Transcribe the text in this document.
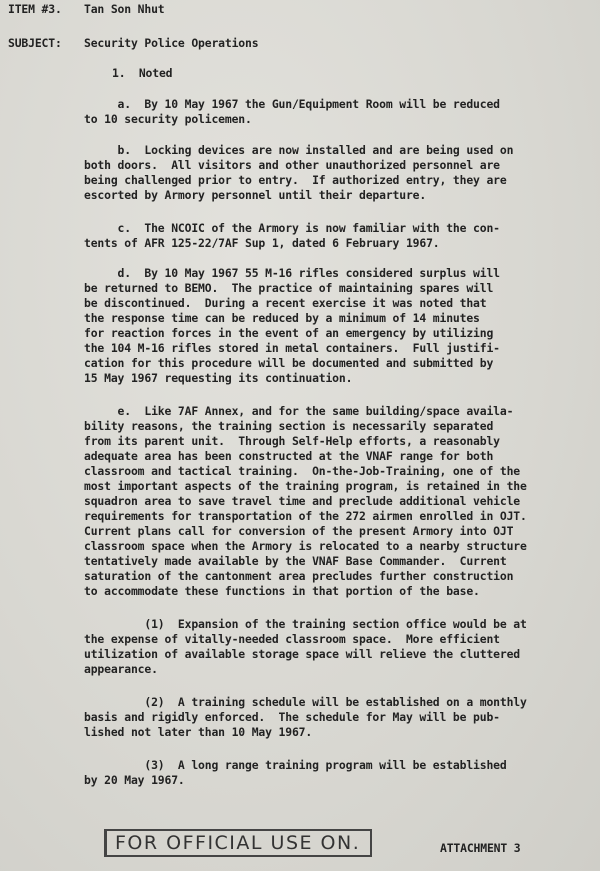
ITEM #3. Tan Son Nhut
SUBJECT: Security Police Operations
1.  Noted
a.  By 10 May 1967 the Gun/Equipment Room will be reduced
to 10 security policemen.
b.  Locking devices are now installed and are being used on
both doors.  All visitors and other unauthorized personnel are
being challenged prior to entry.  If authorized entry, they are
escorted by Armory personnel until their departure.
c.  The NCOIC of the Armory is now familiar with the con-
tents of AFR 125-22/7AF Sup 1, dated 6 February 1967.
d.  By 10 May 1967 55 M-16 rifles considered surplus will
be returned to BEMO.  The practice of maintaining spares will
be discontinued.  During a recent exercise it was noted that
the response time can be reduced by a minimum of 14 minutes
for reaction forces in the event of an emergency by utilizing
the 104 M-16 rifles stored in metal containers.  Full justifi-
cation for this procedure will be documented and submitted by
15 May 1967 requesting its continuation.
e.  Like 7AF Annex, and for the same building/space availa-
bility reasons, the training section is necessarily separated
from its parent unit.  Through Self-Help efforts, a reasonably
adequate area has been constructed at the VNAF range for both
classroom and tactical training.  On-the-Job-Training, one of the
most important aspects of the training program, is retained in the
squadron area to save travel time and preclude additional vehicle
requirements for transportation of the 272 airmen enrolled in OJT.
Current plans call for conversion of the present Armory into OJT
classroom space when the Armory is relocated to a nearby structure
tentatively made available by the VNAF Base Commander.  Current
saturation of the cantonment area precludes further construction
to accommodate these functions in that portion of the base.
(1)  Expansion of the training section office would be at
the expense of vitally-needed classroom space.  More efficient
utilization of available storage space will relieve the cluttered
appearance.
(2)  A training schedule will be established on a monthly
basis and rigidly enforced.  The schedule for May will be pub-
lished not later than 10 May 1967.
(3)  A long range training program will be established
by 20 May 1967.
FOR OFFICIAL USE ON.	ATTACHMENT 3
